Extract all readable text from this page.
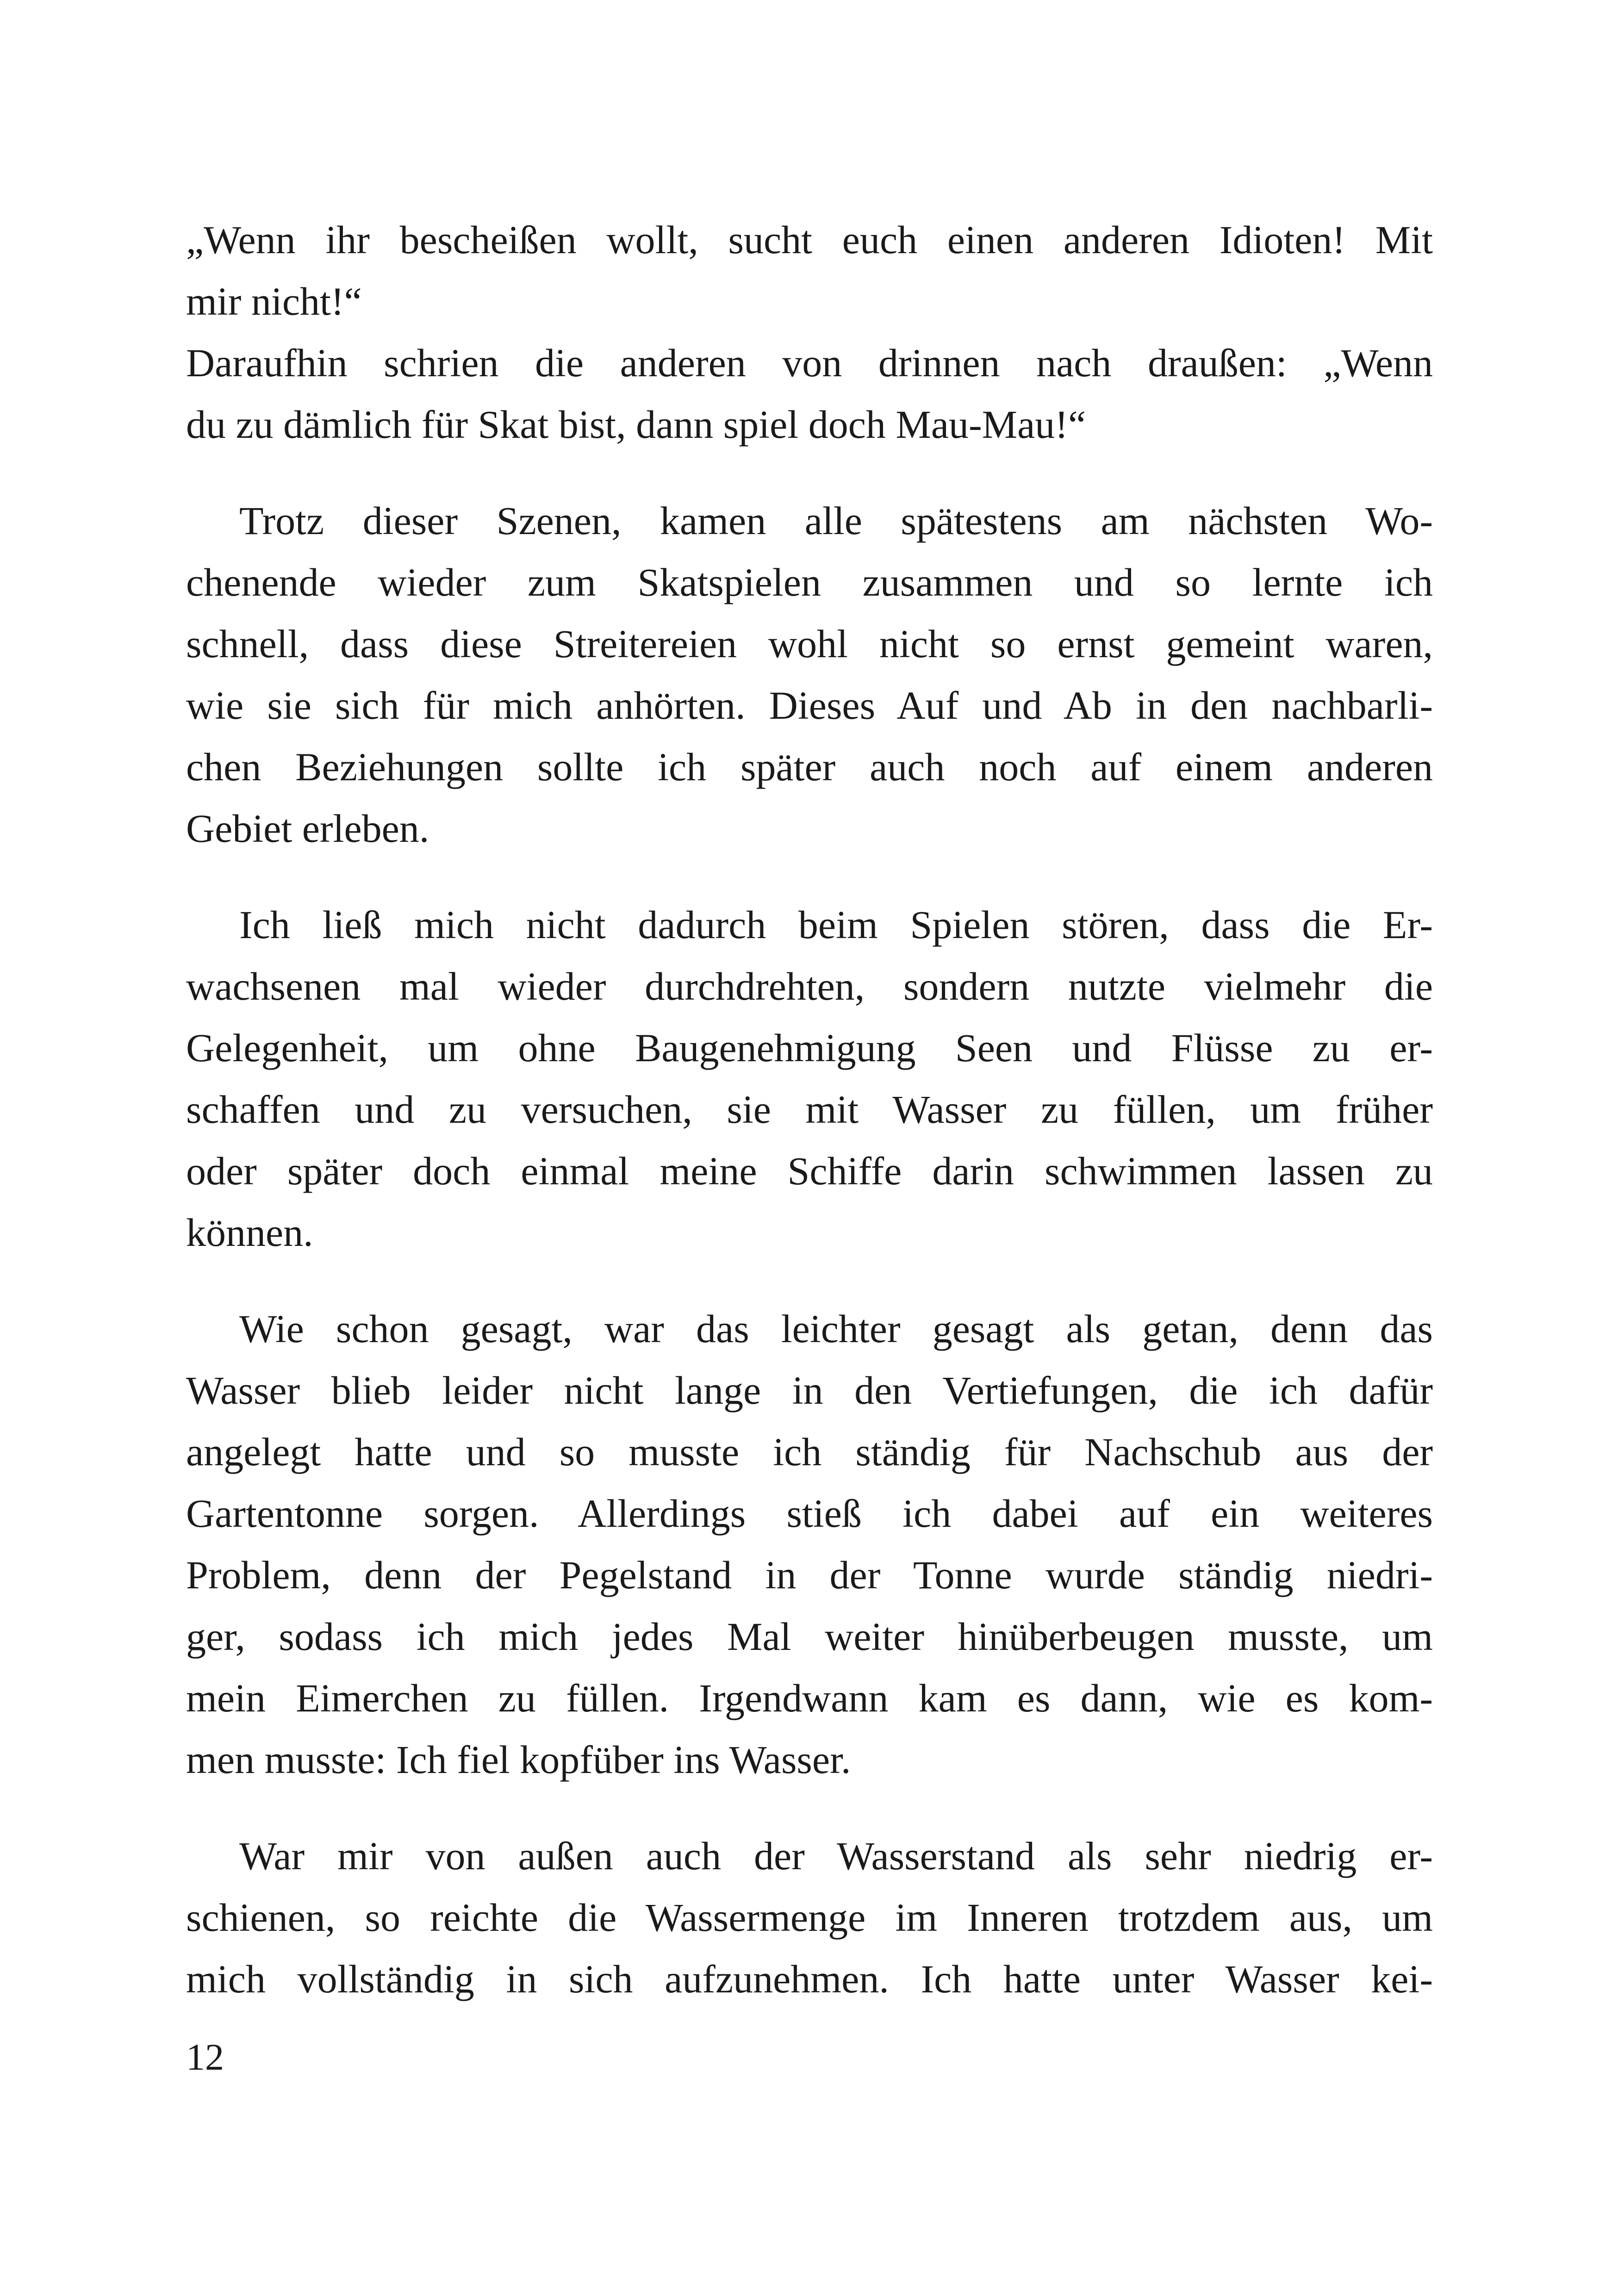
„Wenn ihr bescheißen wollt, sucht euch einen anderen Idioten! Mit
mir nicht!“
Daraufhin schrien die anderen von drinnen nach draußen: „Wenn
du zu dämlich für Skat bist, dann spiel doch Mau-Mau!“
Trotz dieser Szenen, kamen alle spätestens am nächsten Wo-
chenende wieder zum Skatspielen zusammen und so lernte ich
schnell, dass diese Streitereien wohl nicht so ernst gemeint waren,
wie sie sich für mich anhörten. Dieses Auf und Ab in den nachbarli-
chen Beziehungen sollte ich später auch noch auf einem anderen
Gebiet erleben.
Ich ließ mich nicht dadurch beim Spielen stören, dass die Er-
wachsenen mal wieder durchdrehten, sondern nutzte vielmehr die
Gelegenheit, um ohne Baugenehmigung Seen und Flüsse zu er-
schaffen und zu versuchen, sie mit Wasser zu füllen, um früher
oder später doch einmal meine Schiffe darin schwimmen lassen zu
können.
Wie schon gesagt, war das leichter gesagt als getan, denn das
Wasser blieb leider nicht lange in den Vertiefungen, die ich dafür
angelegt hatte und so musste ich ständig für Nachschub aus der
Gartentonne sorgen. Allerdings stieß ich dabei auf ein weiteres
Problem, denn der Pegelstand in der Tonne wurde ständig niedri-
ger, sodass ich mich jedes Mal weiter hinüberbeugen musste, um
mein Eimerchen zu füllen. Irgendwann kam es dann, wie es kom-
men musste: Ich fiel kopfüber ins Wasser.
War mir von außen auch der Wasserstand als sehr niedrig er-
schienen, so reichte die Wassermenge im Inneren trotzdem aus, um
mich vollständig in sich aufzunehmen. Ich hatte unter Wasser kei-
12
